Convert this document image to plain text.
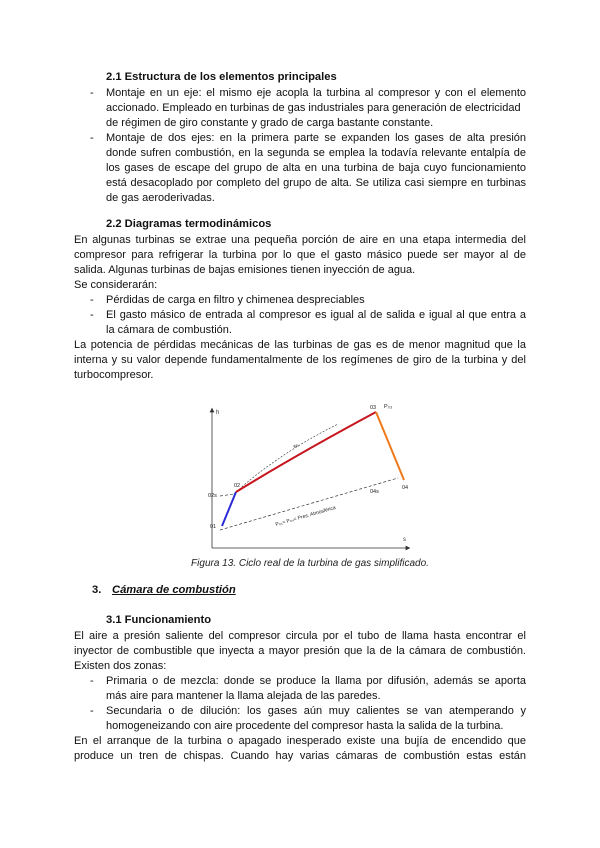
2.1 Estructura de los elementos principales
- Montaje en un eje: el mismo eje acopla la turbina al compresor y con el elemento
accionado. Empleado en turbinas de gas industriales para generación de electricidad
de régimen de giro constante y grado de carga bastante constante.
- Montaje de dos ejes: en la primera parte se expanden los gases de alta presión
donde sufren combustión, en la segunda se emplea la todavía relevante entalpía de
los gases de escape del grupo de alta en una turbina de baja cuyo funcionamiento
está desacoplado por completo del grupo de alta. Se utiliza casi siempre en turbinas
de gas aeroderivadas.
2.2 Diagramas termodinámicos
En algunas turbinas se extrae una pequeña porción de aire en una etapa intermedia del
compresor para refrigerar la turbina por lo que el gasto másico puede ser mayor al de
salida. Algunas turbinas de bajas emisiones tienen inyección de agua.
Se considerarán:
- Pérdidas de carga en filtro y chimenea despreciables
- El gasto másico de entrada al compresor es igual al de salida e igual al que entra a
la cámara de combustión.
La potencia de pérdidas mecánicas de las turbinas de gas es de menor magnitud que la
interna y su valor depende fundamentalmente de los regímenes de giro de la turbina y del
turbocompresor.
h
s
01
02
02s
03 P₀₃
04
04s
w₀
P₀₁= P₀₄= Pres. Atmosférica
Figura 13. Ciclo real de la turbina de gas simplificado.
3. Cámara de combustión
3.1 Funcionamiento
El aire a presión saliente del compresor circula por el tubo de llama hasta encontrar el
inyector de combustible que inyecta a mayor presión que la de la cámara de combustión.
Existen dos zonas:
- Primaria o de mezcla: donde se produce la llama por difusión, además se aporta
más aire para mantener la llama alejada de las paredes.
- Secundaria o de dilución: los gases aún muy calientes se van atemperando y
homogeneizando con aire procedente del compresor hasta la salida de la turbina.
En el arranque de la turbina o apagado inesperado existe una bujía de encendido que
produce un tren de chispas. Cuando hay varias cámaras de combustión estas están
